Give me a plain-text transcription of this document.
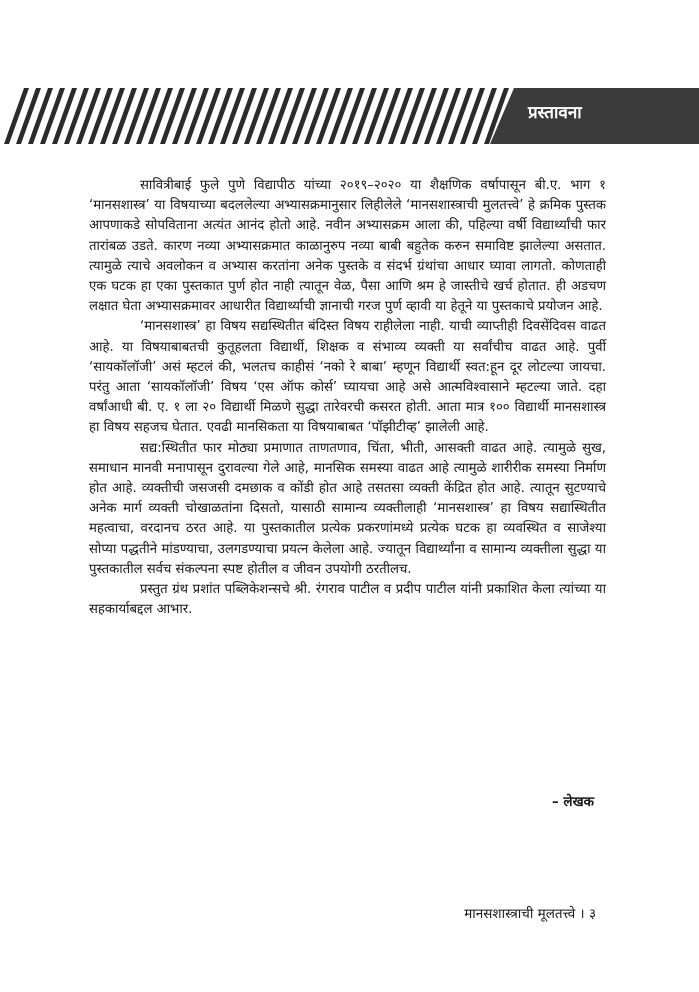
प्रस्तावना

सावित्रीबाई फुले पुणे विद्यापीठ यांच्या २०१९–२०२० या शैक्षणिक वर्षापासून बी.ए. भाग १ ‘मानसशास्त्र’ या विषयाच्या बदललेल्या अभ्यासक्रमानुसार लिहीलेले ‘मानसशास्त्राची मुलतत्त्वे’ हे क्रमिक पुस्तक आपणाकडे सोपविताना अत्यंत आनंद होतो आहे. नवीन अभ्यासक्रम आला की, पहिल्या वर्षी विद्यार्थ्यांची फार तारांबळ उडते. कारण नव्या अभ्यासक्रमात काळानुरुप नव्या बाबी बहुतेक करुन समाविष्ट झालेल्या असतात. त्यामुळे त्याचे अवलोकन व अभ्यास करतांना अनेक पुस्तके व संदर्भ ग्रंथांचा आधार घ्यावा लागतो. कोणताही एक घटक हा एका पुस्तकात पुर्ण होत नाही त्यातून वेळ, पैसा आणि श्रम हे जास्तीचे खर्च होतात. ही अडचण लक्षात घेता अभ्यासक्रमावर आधारीत विद्यार्थ्याची ज्ञानाची गरज पुर्ण व्हावी या हेतूने या पुस्तकाचे प्रयोजन आहे.

‘मानसशास्त्र’ हा विषय सद्यस्थितीत बंदिस्त विषय राहीलेला नाही. याची व्याप्तीही दिवसेंदिवस वाढत आहे. या विषयाबाबतची कुतूहलता विद्यार्थी, शिक्षक व संभाव्य व्यक्ती या सर्वांचीच वाढत आहे. पुर्वी ‘सायकॉलॉजी’ असं म्हटलं की, भलतच काहीसं ‘नको रे बाबा’ म्हणून विद्यार्थी स्वत:हून दूर लोटल्या जायचा. परंतु आता ‘सायकॉलॉजी’ विषय ‘एस ऑफ कोर्स’ घ्यायचा आहे असे आत्मविश्वासाने म्हटल्या जाते. दहा वर्षांआधी बी. ए. १ ला २० विद्यार्थी मिळणे सुद्धा तारेवरची कसरत होती. आता मात्र १०० विद्यार्थी मानसशास्त्र हा विषय सहजच घेतात. एवढी मानसिकता या विषयाबाबत ‘पॉझीटीव्ह’ झालेली आहे.

सद्य:स्थितीत फार मोठ्या प्रमाणात ताणतणाव, चिंता, भीती, आसक्ती वाढत आहे. त्यामुळे सुख, समाधान मानवी मनापासून दुरावल्या गेले आहे, मानसिक समस्या वाढत आहे त्यामुळे शारीरीक समस्या निर्माण होत आहे. व्यक्तीची जसजसी दमछाक व कोंडी होत आहे तसतसा व्यक्ती केंद्रित होत आहे. त्यातून सुटण्याचे अनेक मार्ग व्यक्ती चोखाळतांना दिसतो, यासाठी सामान्य व्यक्तीलाही ‘मानसशास्त्र’ हा विषय सद्यास्थितीत महत्वाचा, वरदानच ठरत आहे. या पुस्तकातील प्रत्येक प्रकरणांमध्ये प्रत्येक घटक हा व्यवस्थित व साजेश्या सोप्या पद्धतीने मांडण्याचा, उलगडण्याचा प्रयत्न केलेला आहे. ज्यातून विद्यार्थ्यांना व सामान्य व्यक्तीला सुद्धा या पुस्तकातील सर्वच संकल्पना स्पष्ट होतील व जीवन उपयोगी ठरतीलच.

प्रस्तुत ग्रंथ प्रशांत पब्लिकेशन्सचे श्री. रंगराव पाटील व प्रदीप पाटील यांनी प्रकाशित केला त्यांच्या या सहकार्याबद्दल आभार.

– लेखक
मानसशास्त्राची मूलतत्त्वे । ३
